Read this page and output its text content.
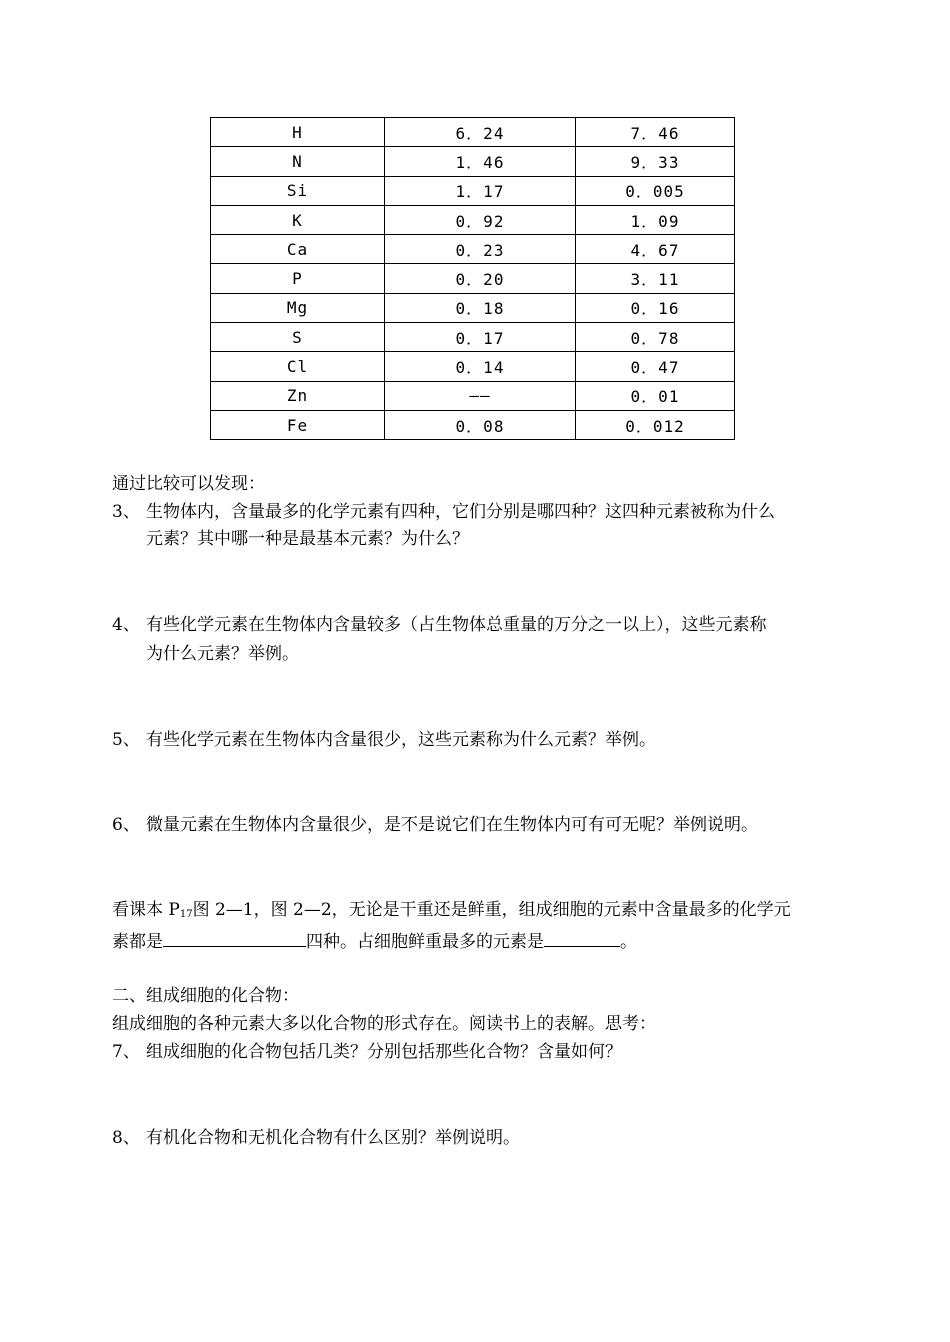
H	6．24	7．46
N	1．46	9．33
Si	1．17	0．005
K	0．92	1．09
Ca	0．23	4．67
P	0．20	3．11
Mg	0．18	0．16
S	0．17	0．78
Cl	0．14	0．47
Zn	——	0．01
Fe	0．08	0．012
通过比较可以发现：
3、 生物体内，含量最多的化学元素有四种，它们分别是哪四种？这四种元素被称为什么
元素？其中哪一种是最基本元素？为什么？
4、 有些化学元素在生物体内含量较多（占生物体总重量的万分之一以上），这些元素称
为什么元素？举例。
5、 有些化学元素在生物体内含量很少，这些元素称为什么元素？举例。
6、 微量元素在生物体内含量很少，是不是说它们在生物体内可有可无呢？举例说明。
看课本 $P_{17}$图 2—1，图 2—2，无论是干重还是鲜重，组成细胞的元素中含量最多的化学元
素都是	四种。占细胞鲜重最多的元素是	。
二、组成细胞的化合物：
组成细胞的各种元素大多以化合物的形式存在。阅读书上的表解。思考：
7、 组成细胞的化合物包括几类？分别包括那些化合物？含量如何？
8、 有机化合物和无机化合物有什么区别？举例说明。
